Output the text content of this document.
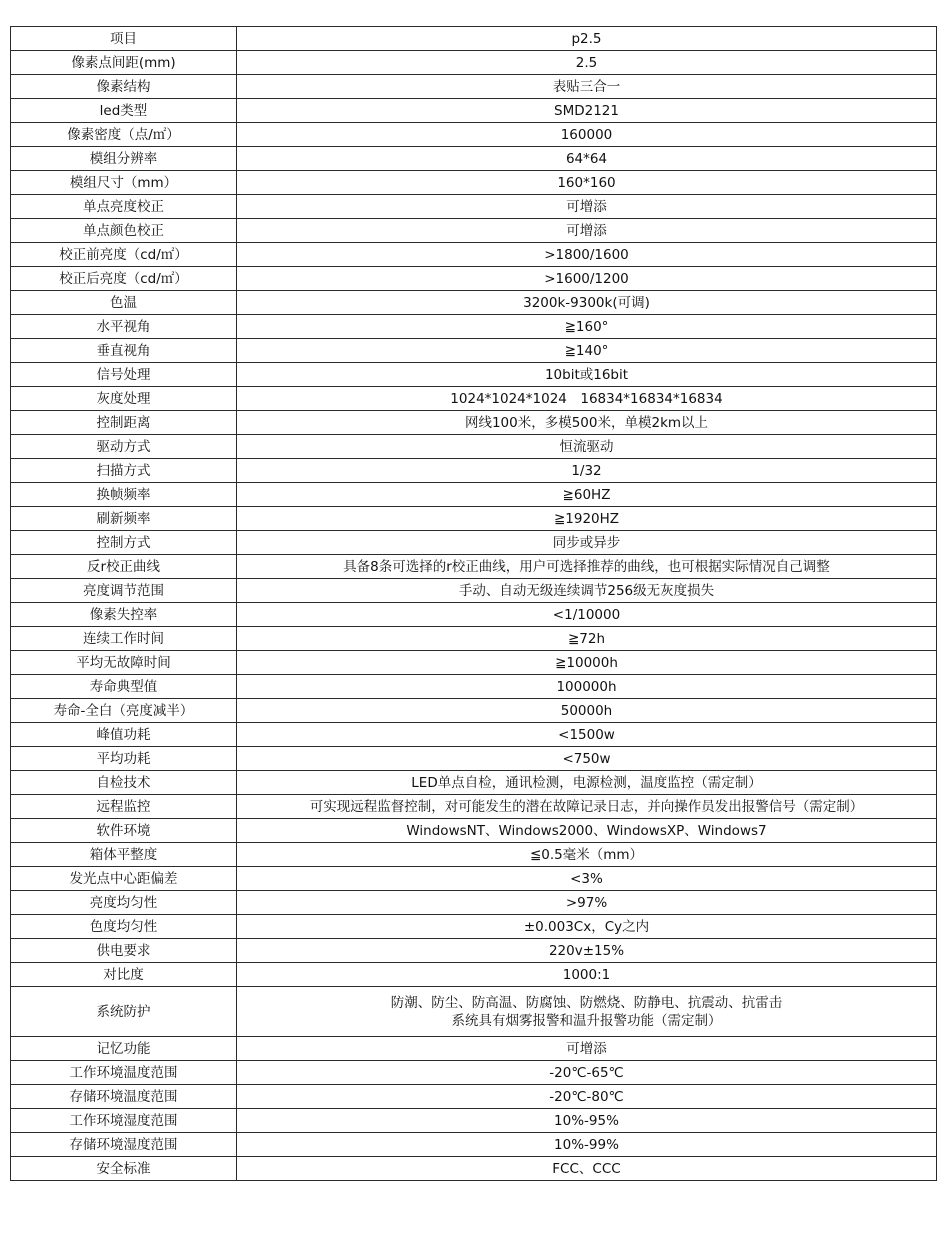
项目	p2.5
像素点间距(mm)	2.5
像素结构	表贴三合一
led类型	SMD2121
像素密度（点/㎡）	160000
模组分辨率	64*64
模组尺寸（mm）	160*160
单点亮度校正	可增添
单点颜色校正	可增添
校正前亮度（cd/㎡）	>1800/1600
校正后亮度（cd/㎡）	>1600/1200
色温	3200k-9300k(可调)
水平视角	≧160°
垂直视角	≧140°
信号处理	10bit或16bit
灰度处理	1024*1024*1024　16834*16834*16834
控制距离	网线100米，多模500米，单模2km以上
驱动方式	恒流驱动
扫描方式	1/32
换帧频率	≧60HZ
刷新频率	≧1920HZ
控制方式	同步或异步
反r校正曲线	具备8条可选择的r校正曲线，用户可选择推荐的曲线，也可根据实际情况自己调整
亮度调节范围	手动、自动无级连续调节256级无灰度损失
像素失控率	<1/10000
连续工作时间	≧72h
平均无故障时间	≧10000h
寿命典型值	100000h
寿命-全白（亮度减半）	50000h
峰值功耗	<1500w
平均功耗	<750w
自检技术	LED单点自检，通讯检测，电源检测，温度监控（需定制）
远程监控	可实现远程监督控制，对可能发生的潜在故障记录日志，并向操作员发出报警信号（需定制）
软件环境	WindowsNT、Windows2000、WindowsXP、Windows7
箱体平整度	≦0.5毫米（mm）
发光点中心距偏差	<3%
亮度均匀性	>97%
色度均匀性	±0.003Cx，Cy之内
供电要求	220v±15%
对比度	1000:1
系统防护	防潮、防尘、防高温、防腐蚀、防燃烧、防静电、抗震动、抗雷击
系统具有烟雾报警和温升报警功能（需定制）

记忆功能	可增添
工作环境温度范围	-20℃-65℃
存储环境温度范围	-20℃-80℃
工作环境湿度范围	10%-95%
存储环境湿度范围	10%-99%
安全标准	FCC、CCC
